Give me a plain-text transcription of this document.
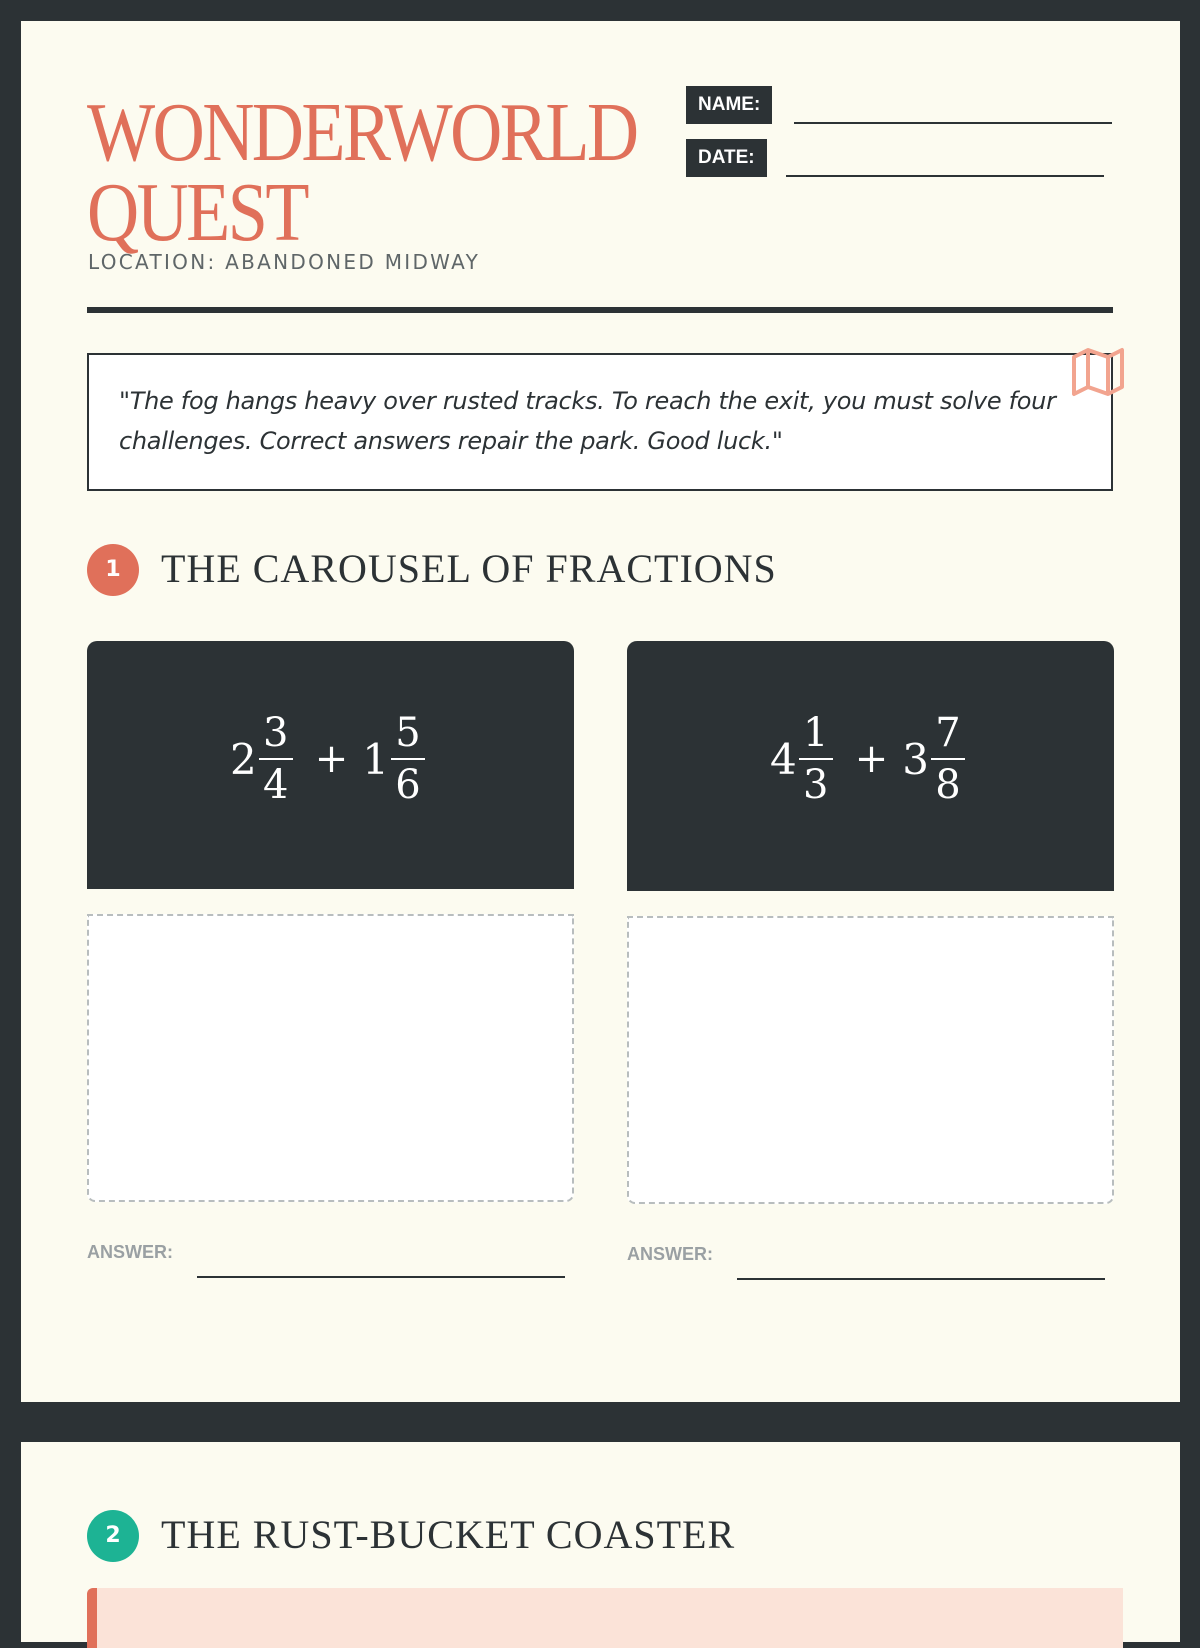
WONDERWORLD
QUEST
LOCATION: ABANDONED MIDWAY
NAME:
DATE:

"The fog hangs heavy over rusted tracks. To reach the exit, you must solve four challenges. Correct answers repair the park. Good luck."

1	THE CAROUSEL OF FRACTIONS
$2 \frac{3}{4} + 1 \frac{5}{6}$
ANSWER:
$4 \frac{1}{3} + 3 \frac{7}{8}$
ANSWER:
2	THE RUST-BUCKET COASTER
